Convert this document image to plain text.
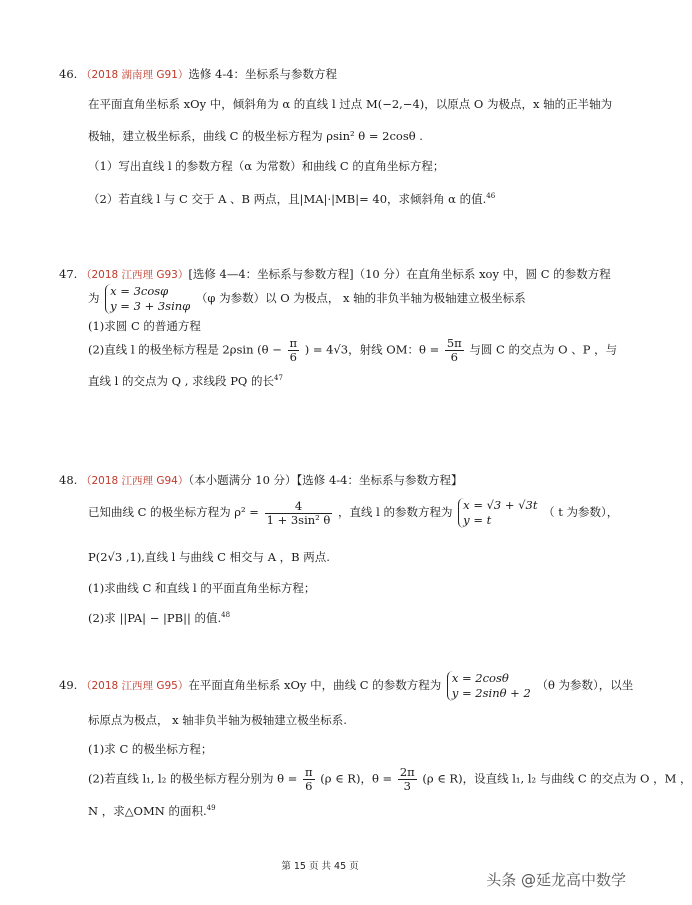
46. （2018 湖南理 G91）选修 4-4：坐标系与参数方程
在平面直角坐标系 xOy 中，倾斜角为 α 的直线 l 过点 M(−2,−4)，以原点 O 为极点，x 轴的正半轴为
极轴，建立极坐标系，曲线 C 的极坐标方程为 ρsin² θ = 2cosθ .
（1）写出直线 l 的参数方程（α 为常数）和曲线 C 的直角坐标方程；
（2）若直线 l 与 C 交于 A 、B 两点，且|MA|·|MB|= 40，求倾斜角 α 的值.$^{46}$
47. （2018 江西理 G93）[选修 4—4：坐标系与参数方程]（10 分）在直角坐标系 xoy 中，圆 C 的参数方程
为 x = 3cosφ
y = 3 + 3sinφ
（φ 为参数）以 O 为极点， x 轴的非负半轴为极轴建立极坐标系
(1)求圆 C 的普通方程
(2)直线 l 的极坐标方程是 2ρsin ($\theta - \frac{\pi}{6}$ ) = 4√3，射线 OM：$\theta = \frac{5\pi}{6}$ 与圆 C 的交点为 O 、P ，与
直线 l 的交点为 Q , 求线段 PQ 的长$^{47}$
48. （2018 江西理 G94）（本小题满分 10 分）【选修 4-4：坐标系与参数方程】
已知曲线 C 的极坐标方程为 $\rho^2 = \frac{4}{\text{1 + 3sin² θ}}$ ，直线 l 的参数方程为 x = √3 + √3t
y = t
（ t 为参数），
P(2√3 ,1),直线 l 与曲线 C 相交与 A ，B 两点.
(1)求曲线 C 和直线 l 的平面直角坐标方程；
(2)求 ||PA| − |PB|| 的值.$^{48}$
49. （2018 江西理 G95）在平面直角坐标系 xOy 中，曲线 C 的参数方程为 x = 2cosθ
y = 2sinθ + 2
（θ 为参数），以坐
标原点为极点， x 轴非负半轴为极轴建立极坐标系.
(1)求 C 的极坐标方程；
(2)若直线 l₁, l₂ 的极坐标方程分别为 $\theta = \frac{\pi}{6} (\rho$ ∈ R)，$\theta = \frac{2\pi}{3} (\rho$ ∈ R)，设直线 l₁, l₂ 与曲线 C 的交点为 O ，M ，
N ，求△OMN 的面积.$^{49}$
第 15 页 共 45 页
头条 @延龙高中数学
